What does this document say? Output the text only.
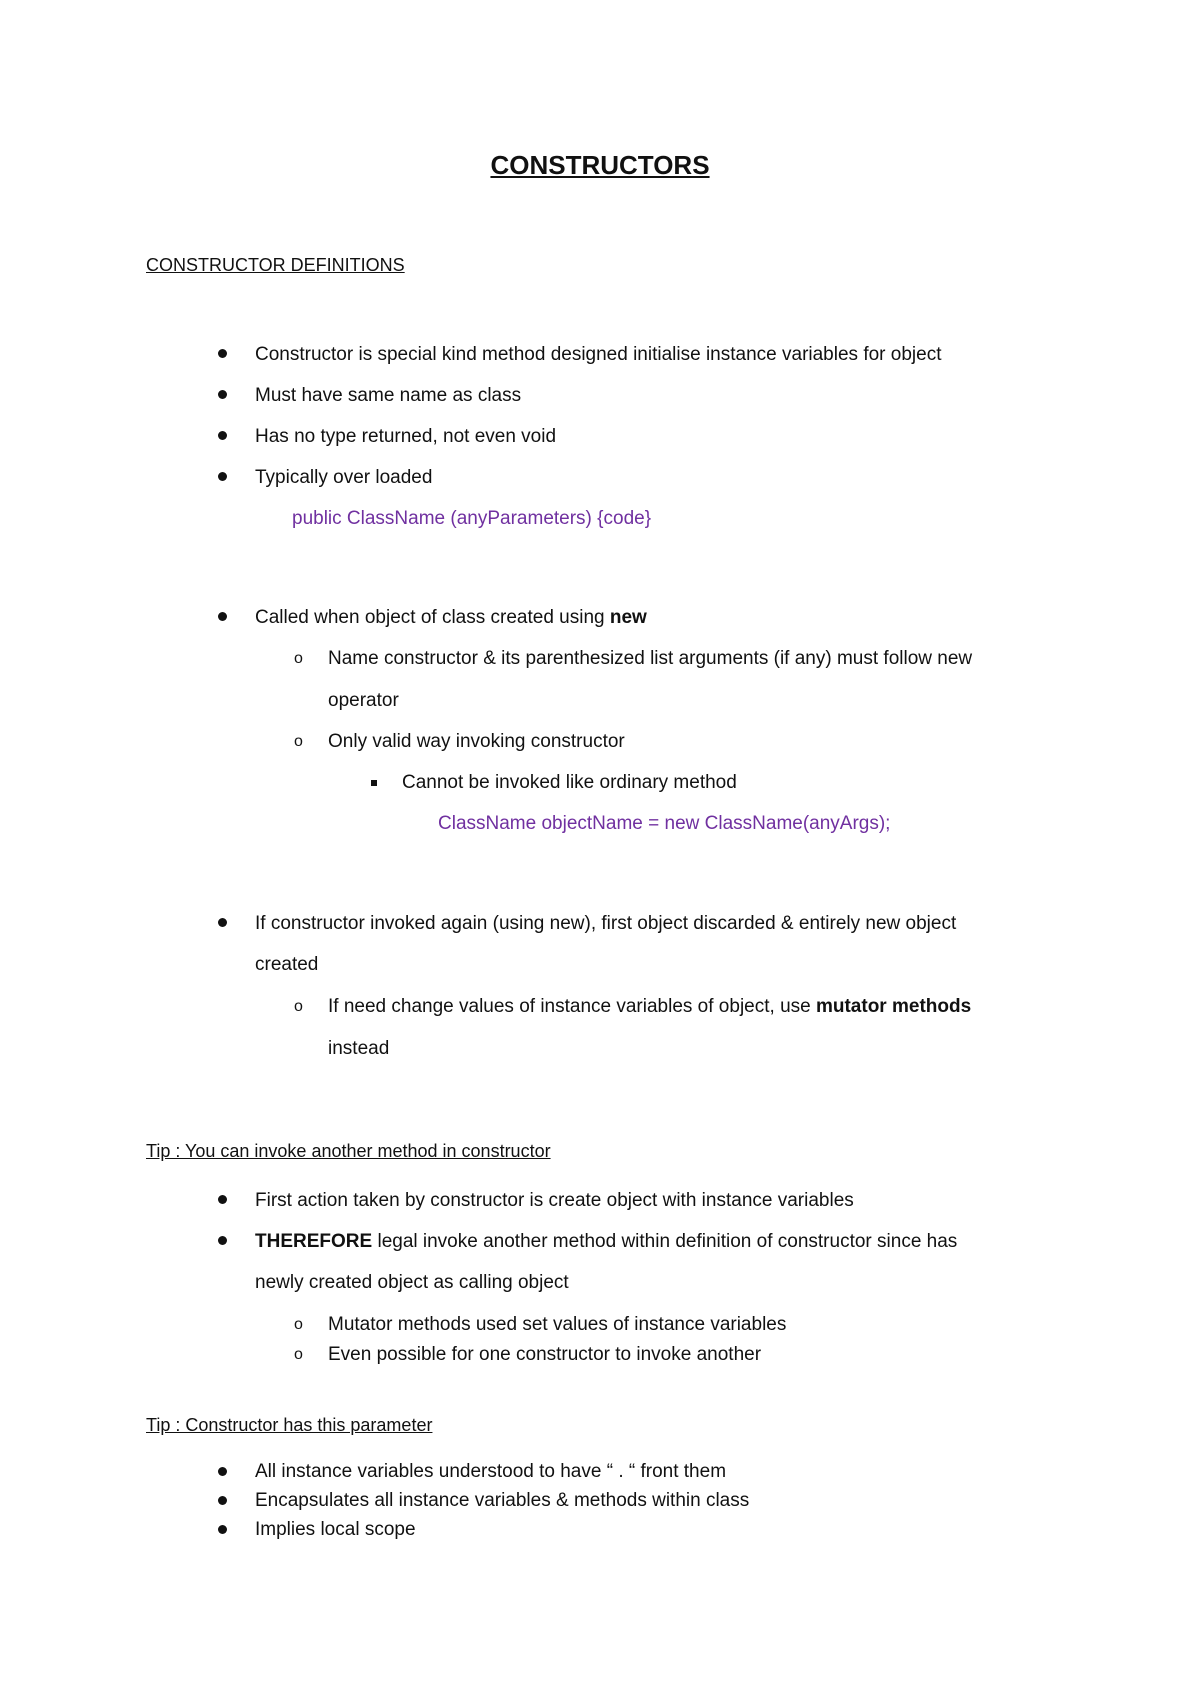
CONSTRUCTORS
CONSTRUCTOR DEFINITIONS
Constructor is special kind method designed initialise instance variables for object
Must have same name as class
Has no type returned, not even void
Typically over loaded
public ClassName (anyParameters) {code}
Called when object of class created using new
o Name constructor & its parenthesized list arguments (if any) must follow new
operator
o Only valid way invoking constructor
Cannot be invoked like ordinary method
ClassName objectName = new ClassName(anyArgs);
If constructor invoked again (using new), first object discarded & entirely new object
created
o If need change values of instance variables of object, use mutator methods
instead
Tip : You can invoke another method in constructor
First action taken by constructor is create object with instance variables
THEREFORE legal invoke another method within definition of constructor since has
newly created object as calling object
o Mutator methods used set values of instance variables
o Even possible for one constructor to invoke another
Tip : Constructor has this parameter
All instance variables understood to have “ . “ front them
Encapsulates all instance variables & methods within class
Implies local scope
